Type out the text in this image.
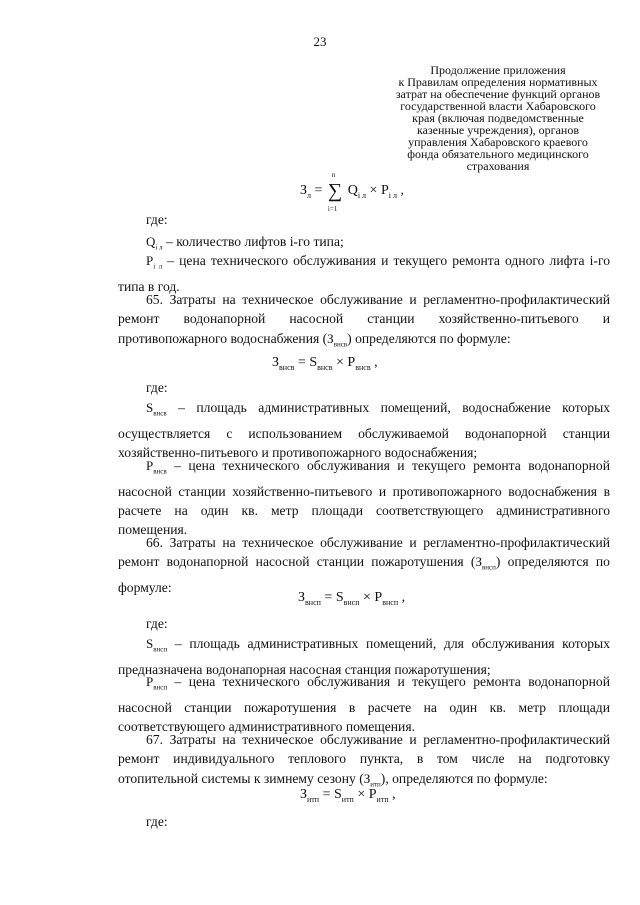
23
Продолжение приложения
к Правилам определения нормативных
затрат на обеспечение функций органов
государственной власти Хабаровского
края (включая подведомственные
казенные учреждения), органов
управления Хабаровского краевого
фонда обязательного медицинского
страхования
$З_л$ = ∑
n
i=1
$Q_{i л} \times P_{i л}$ ,
где:
$Q_{i л}$ – количество лифтов i-го типа;
$P_{i л}$ – цена технического обслуживания и текущего ремонта одного лифта i-го типа в год.
65. Затраты на техническое обслуживание и регламентно-профилактический ремонт водонапорной насосной станции хозяйственно-питьевого и противопожарного водоснабжения $(З_{внсв})$ определяются по формуле:
$З_{внсв} = S_{внсв} \times P_{внсв}$ ,
где:
$S_{внсв}$ – площадь административных помещений, водоснабжение которых осуществляется с использованием обслуживаемой водонапорной станции хозяйственно-питьевого и противопожарного водоснабжения;
$P_{внсв}$ – цена технического обслуживания и текущего ремонта водонапорной насосной станции хозяйственно-питьевого и противопожарного водоснабжения в расчете на один кв. метр площади соответствующего административного помещения.
66. Затраты на техническое обслуживание и регламентно-профилактический ремонт водонапорной насосной станции пожаротушения $(З_{внсп})$ определяются по формуле:
$З_{внсп} = S_{внсп} \times P_{внсп}$ ,
где:
$S_{внсп}$ – площадь административных помещений, для обслуживания которых предназначена водонапорная насосная станция пожаротушения;
$P_{внсп}$ – цена технического обслуживания и текущего ремонта водонапорной насосной станции пожаротушения в расчете на один кв. метр площади соответствующего административного помещения.
67. Затраты на техническое обслуживание и регламентно-профилактический ремонт индивидуального теплового пункта, в том числе на подготовку отопительной системы к зимнему сезону $(З_{итп})$, определяются по формуле:
$З_{итп} = S_{итп} \times P_{итп}$ ,
где:
